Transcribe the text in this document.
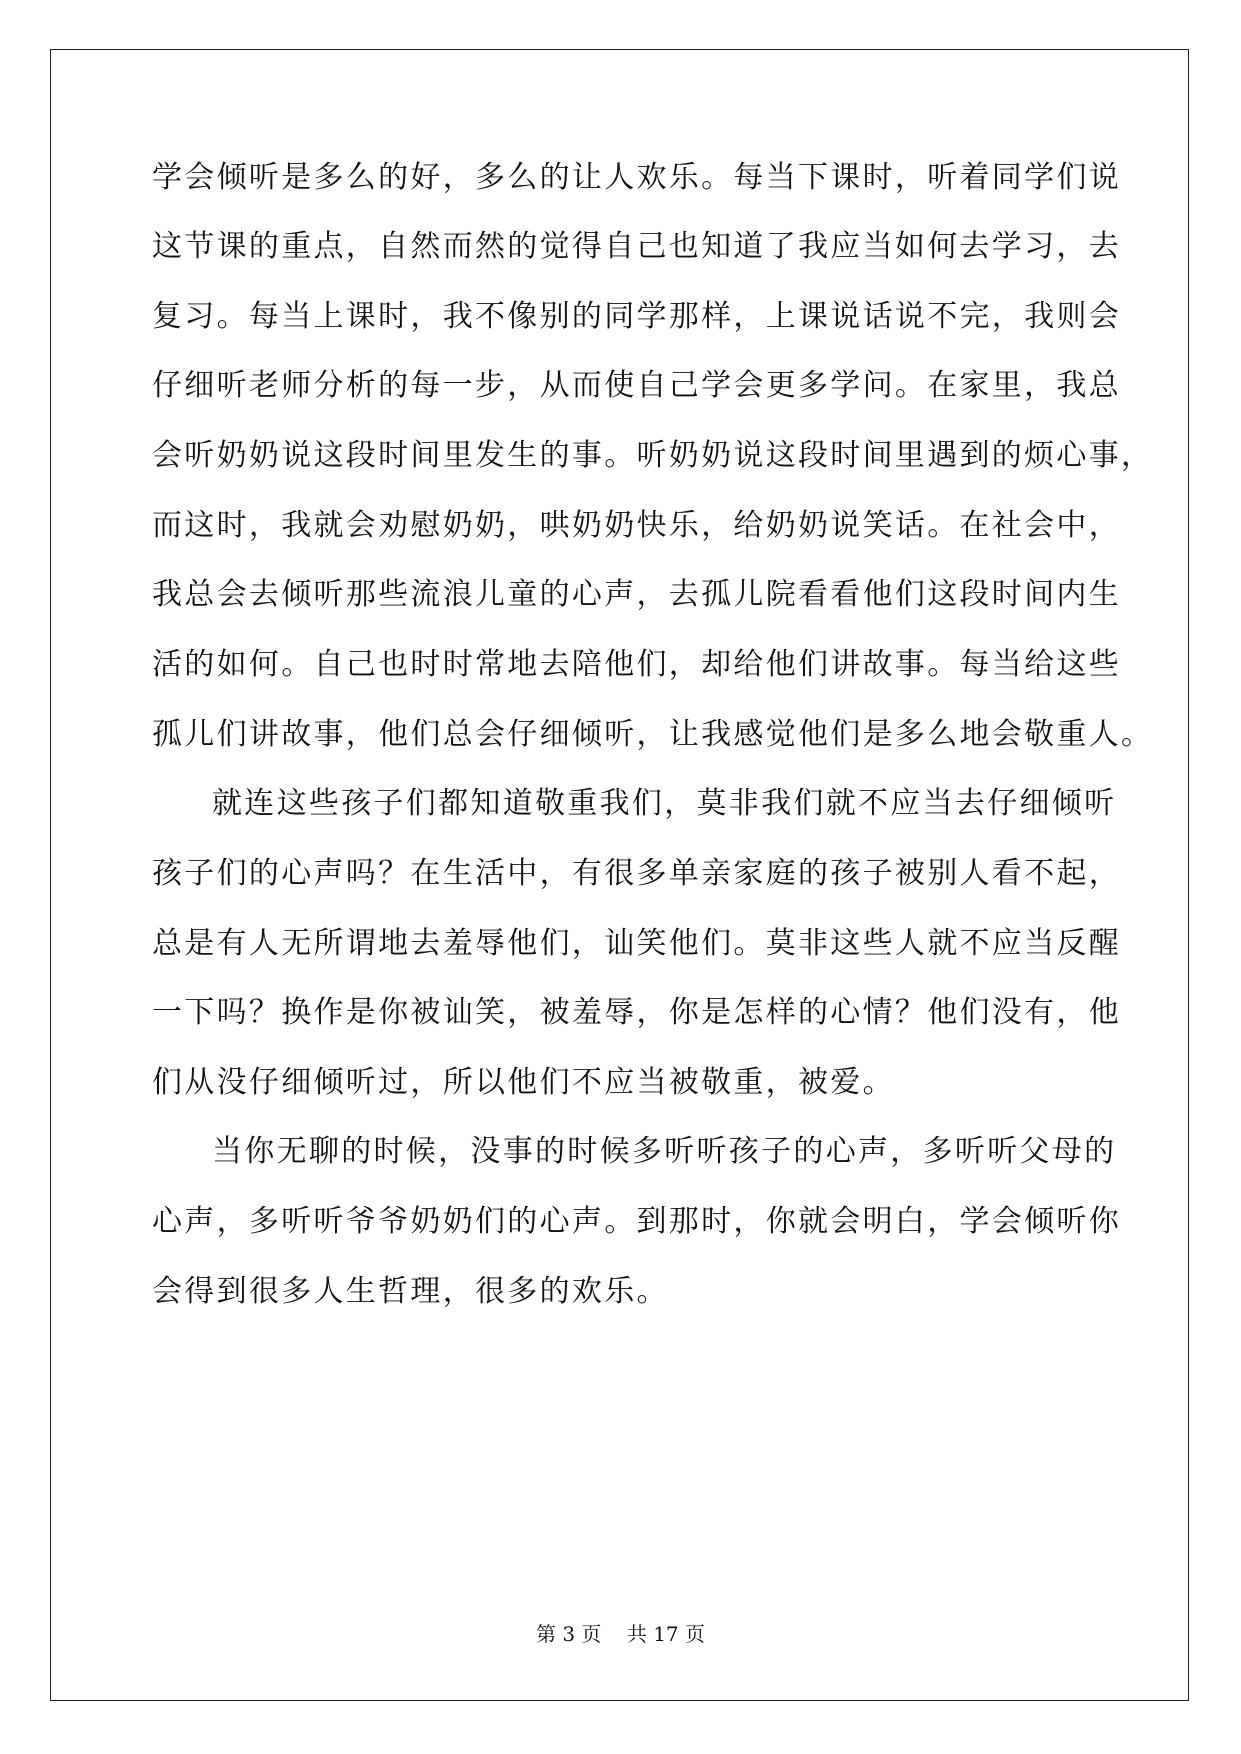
学会倾听是多么的好，多么的让人欢乐。每当下课时，听着同学们说
这节课的重点，自然而然的觉得自己也知道了我应当如何去学习，去
复习。每当上课时，我不像别的同学那样，上课说话说不完，我则会
仔细听老师分析的每一步，从而使自己学会更多学问。在家里，我总
会听奶奶说这段时间里发生的事。听奶奶说这段时间里遇到的烦心事，
而这时，我就会劝慰奶奶，哄奶奶快乐，给奶奶说笑话。在社会中，
我总会去倾听那些流浪儿童的心声，去孤儿院看看他们这段时间内生
活的如何。自己也时时常地去陪他们，却给他们讲故事。每当给这些
孤儿们讲故事，他们总会仔细倾听，让我感觉他们是多么地会敬重人。
就连这些孩子们都知道敬重我们，莫非我们就不应当去仔细倾听
孩子们的心声吗？在生活中，有很多单亲家庭的孩子被别人看不起，
总是有人无所谓地去羞辱他们，讪笑他们。莫非这些人就不应当反醒
一下吗？换作是你被讪笑，被羞辱，你是怎样的心情？他们没有，他
们从没仔细倾听过，所以他们不应当被敬重，被爱。
当你无聊的时候，没事的时候多听听孩子的心声，多听听父母的
心声，多听听爷爷奶奶们的心声。到那时，你就会明白，学会倾听你
会得到很多人生哲理，很多的欢乐。
第 3 页    共 17 页
